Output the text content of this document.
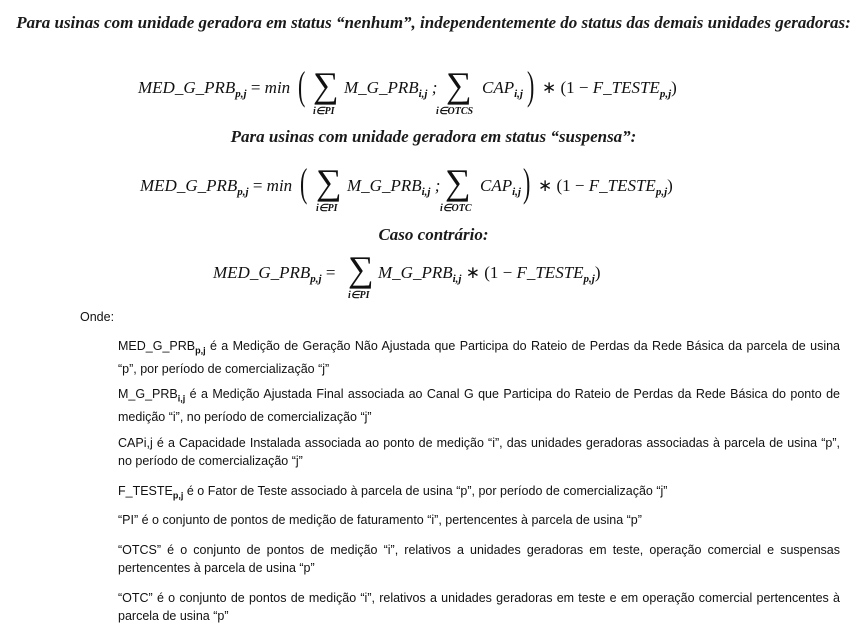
Para usinas com unidade geradora em status “nenhum”, independentemente do status das demais unidades geradoras:
$MED\_G\_PRB_{p,j} = \min$ ( ∑
i∈PI
$M\_G\_PRB_{i,j}$ ; ∑
i∈OTCS
$CAP_{i,j}$ ) ∗ $(1 - F\_TESTE_{p,j})$
Para usinas com unidade geradora em status “suspensa”:
$MED\_G\_PRB_{p,j} = \min$ ( ∑
i∈PI
$M\_G\_PRB_{i,j}$ ; ∑
i∈OTC
$CAP_{i,j}$ ) ∗ $(1 - F\_TESTE_{p,j})$
Caso contrário:
$MED\_G\_PRB_{p,j}$ = ∑
i∈PI
$M\_G\_PRB_{i,j}$ ∗ $(1 - F\_TESTE_{p,j})$
Onde:
$MED\_G\_PRB_{p,j}$ é a Medição de Geração Não Ajustada que Participa do Rateio de Perdas da Rede Básica da parcela de usina “p”, por período de comercialização “j”
$M\_G\_PRB_{i,j}$ é a Medição Ajustada Final associada ao Canal G que Participa do Rateio de Perdas da Rede Básica do ponto de medição “i”, no período de comercialização “j”
CAPi,j é a Capacidade Instalada associada ao ponto de medição “i”, das unidades geradoras associadas à parcela de usina “p”, no período de comercialização “j”
$F\_TESTE_{p,j}$ é o Fator de Teste associado à parcela de usina “p”, por período de comercialização “j”
“PI” é o conjunto de pontos de medição de faturamento “i”, pertencentes à parcela de usina “p”
“OTCS” é o conjunto de pontos de medição “i”, relativos a unidades geradoras em teste, operação comercial e suspensas pertencentes à parcela de usina “p”
“OTC” é o conjunto de pontos de medição “i”, relativos a unidades geradoras em teste e em operação comercial pertencentes à parcela de usina “p”
